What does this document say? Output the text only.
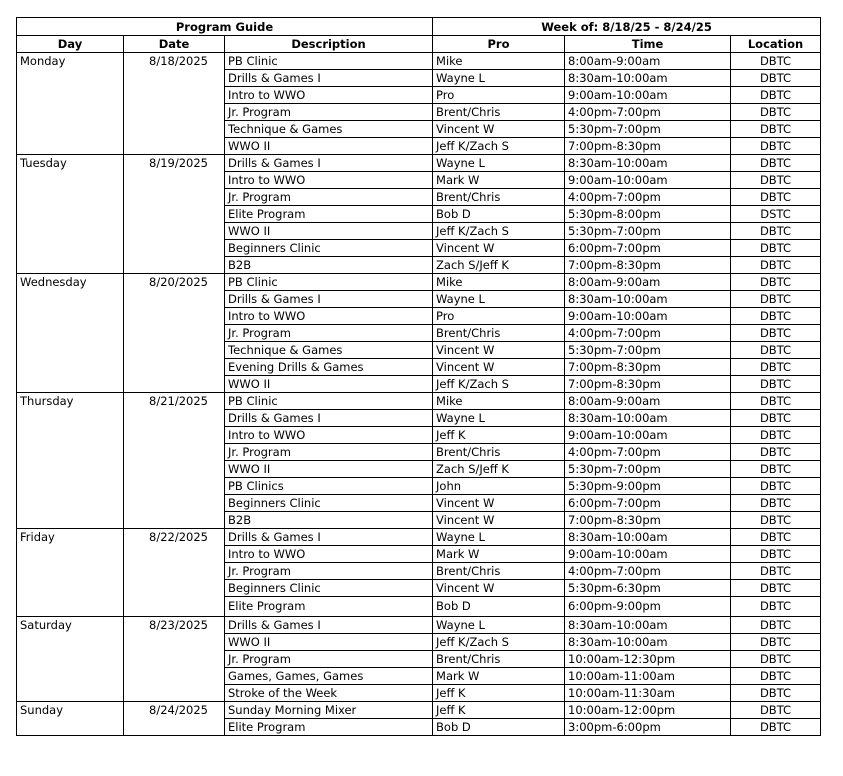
Program Guide			Week of: 8/18/25 - 8/24/25		
Day	Date	Description	Pro	Time	Location
Monday	8/18/2025	PB Clinic	Mike	8:00am-9:00am	DBTC
		Drills & Games I	Wayne L	8:30am-10:00am	DBTC
		Intro to WWO	Pro	9:00am-10:00am	DBTC
		Jr. Program	Brent/Chris	4:00pm-7:00pm	DBTC
		Technique & Games	Vincent W	5:30pm-7:00pm	DBTC
		WWO II	Jeff K/Zach S	7:00pm-8:30pm	DBTC
Tuesday	8/19/2025	Drills & Games I	Wayne L	8:30am-10:00am	DBTC
		Intro to WWO	Mark W	9:00am-10:00am	DBTC
		Jr. Program	Brent/Chris	4:00pm-7:00pm	DBTC
		Elite Program	Bob D	5:30pm-8:00pm	DSTC
		WWO II	Jeff K/Zach S	5:30pm-7:00pm	DBTC
		Beginners Clinic	Vincent W	6:00pm-7:00pm	DBTC
		B2B	Zach S/Jeff K	7:00pm-8:30pm	DBTC
Wednesday	8/20/2025	PB Clinic	Mike	8:00am-9:00am	DBTC
		Drills & Games I	Wayne L	8:30am-10:00am	DBTC
		Intro to WWO	Pro	9:00am-10:00am	DBTC
		Jr. Program	Brent/Chris	4:00pm-7:00pm	DBTC
		Technique & Games	Vincent W	5:30pm-7:00pm	DBTC
		Evening Drills & Games	Vincent W	7:00pm-8:30pm	DBTC
		WWO II	Jeff K/Zach S	7:00pm-8:30pm	DBTC
Thursday	8/21/2025	PB Clinic	Mike	8:00am-9:00am	DBTC
		Drills & Games I	Wayne L	8:30am-10:00am	DBTC
		Intro to WWO	Jeff K	9:00am-10:00am	DBTC
		Jr. Program	Brent/Chris	4:00pm-7:00pm	DBTC
		WWO II	Zach S/Jeff K	5:30pm-7:00pm	DBTC
		PB Clinics	John	5:30pm-9:00pm	DBTC
		Beginners Clinic	Vincent W	6:00pm-7:00pm	DBTC
		B2B	Vincent W	7:00pm-8:30pm	DBTC
Friday	8/22/2025	Drills & Games I	Wayne L	8:30am-10:00am	DBTC
		Intro to WWO	Mark W	9:00am-10:00am	DBTC
		Jr. Program	Brent/Chris	4:00pm-7:00pm	DBTC
		Beginners Clinic	Vincent W	5:30pm-6:30pm	DBTC
		Elite Program	Bob D	6:00pm-9:00pm	DBTC
Saturday	8/23/2025	Drills & Games I	Wayne L	8:30am-10:00am	DBTC
		WWO II	Jeff K/Zach S	8:30am-10:00am	DBTC
		Jr. Program	Brent/Chris	10:00am-12:30pm	DBTC
		Games, Games, Games	Mark W	10:00am-11:00am	DBTC
		Stroke of the Week	Jeff K	10:00am-11:30am	DBTC
Sunday	8/24/2025	Sunday Morning Mixer	Jeff K	10:00am-12:00pm	DBTC
		Elite Program	Bob D	3:00pm-6:00pm	DBTC
